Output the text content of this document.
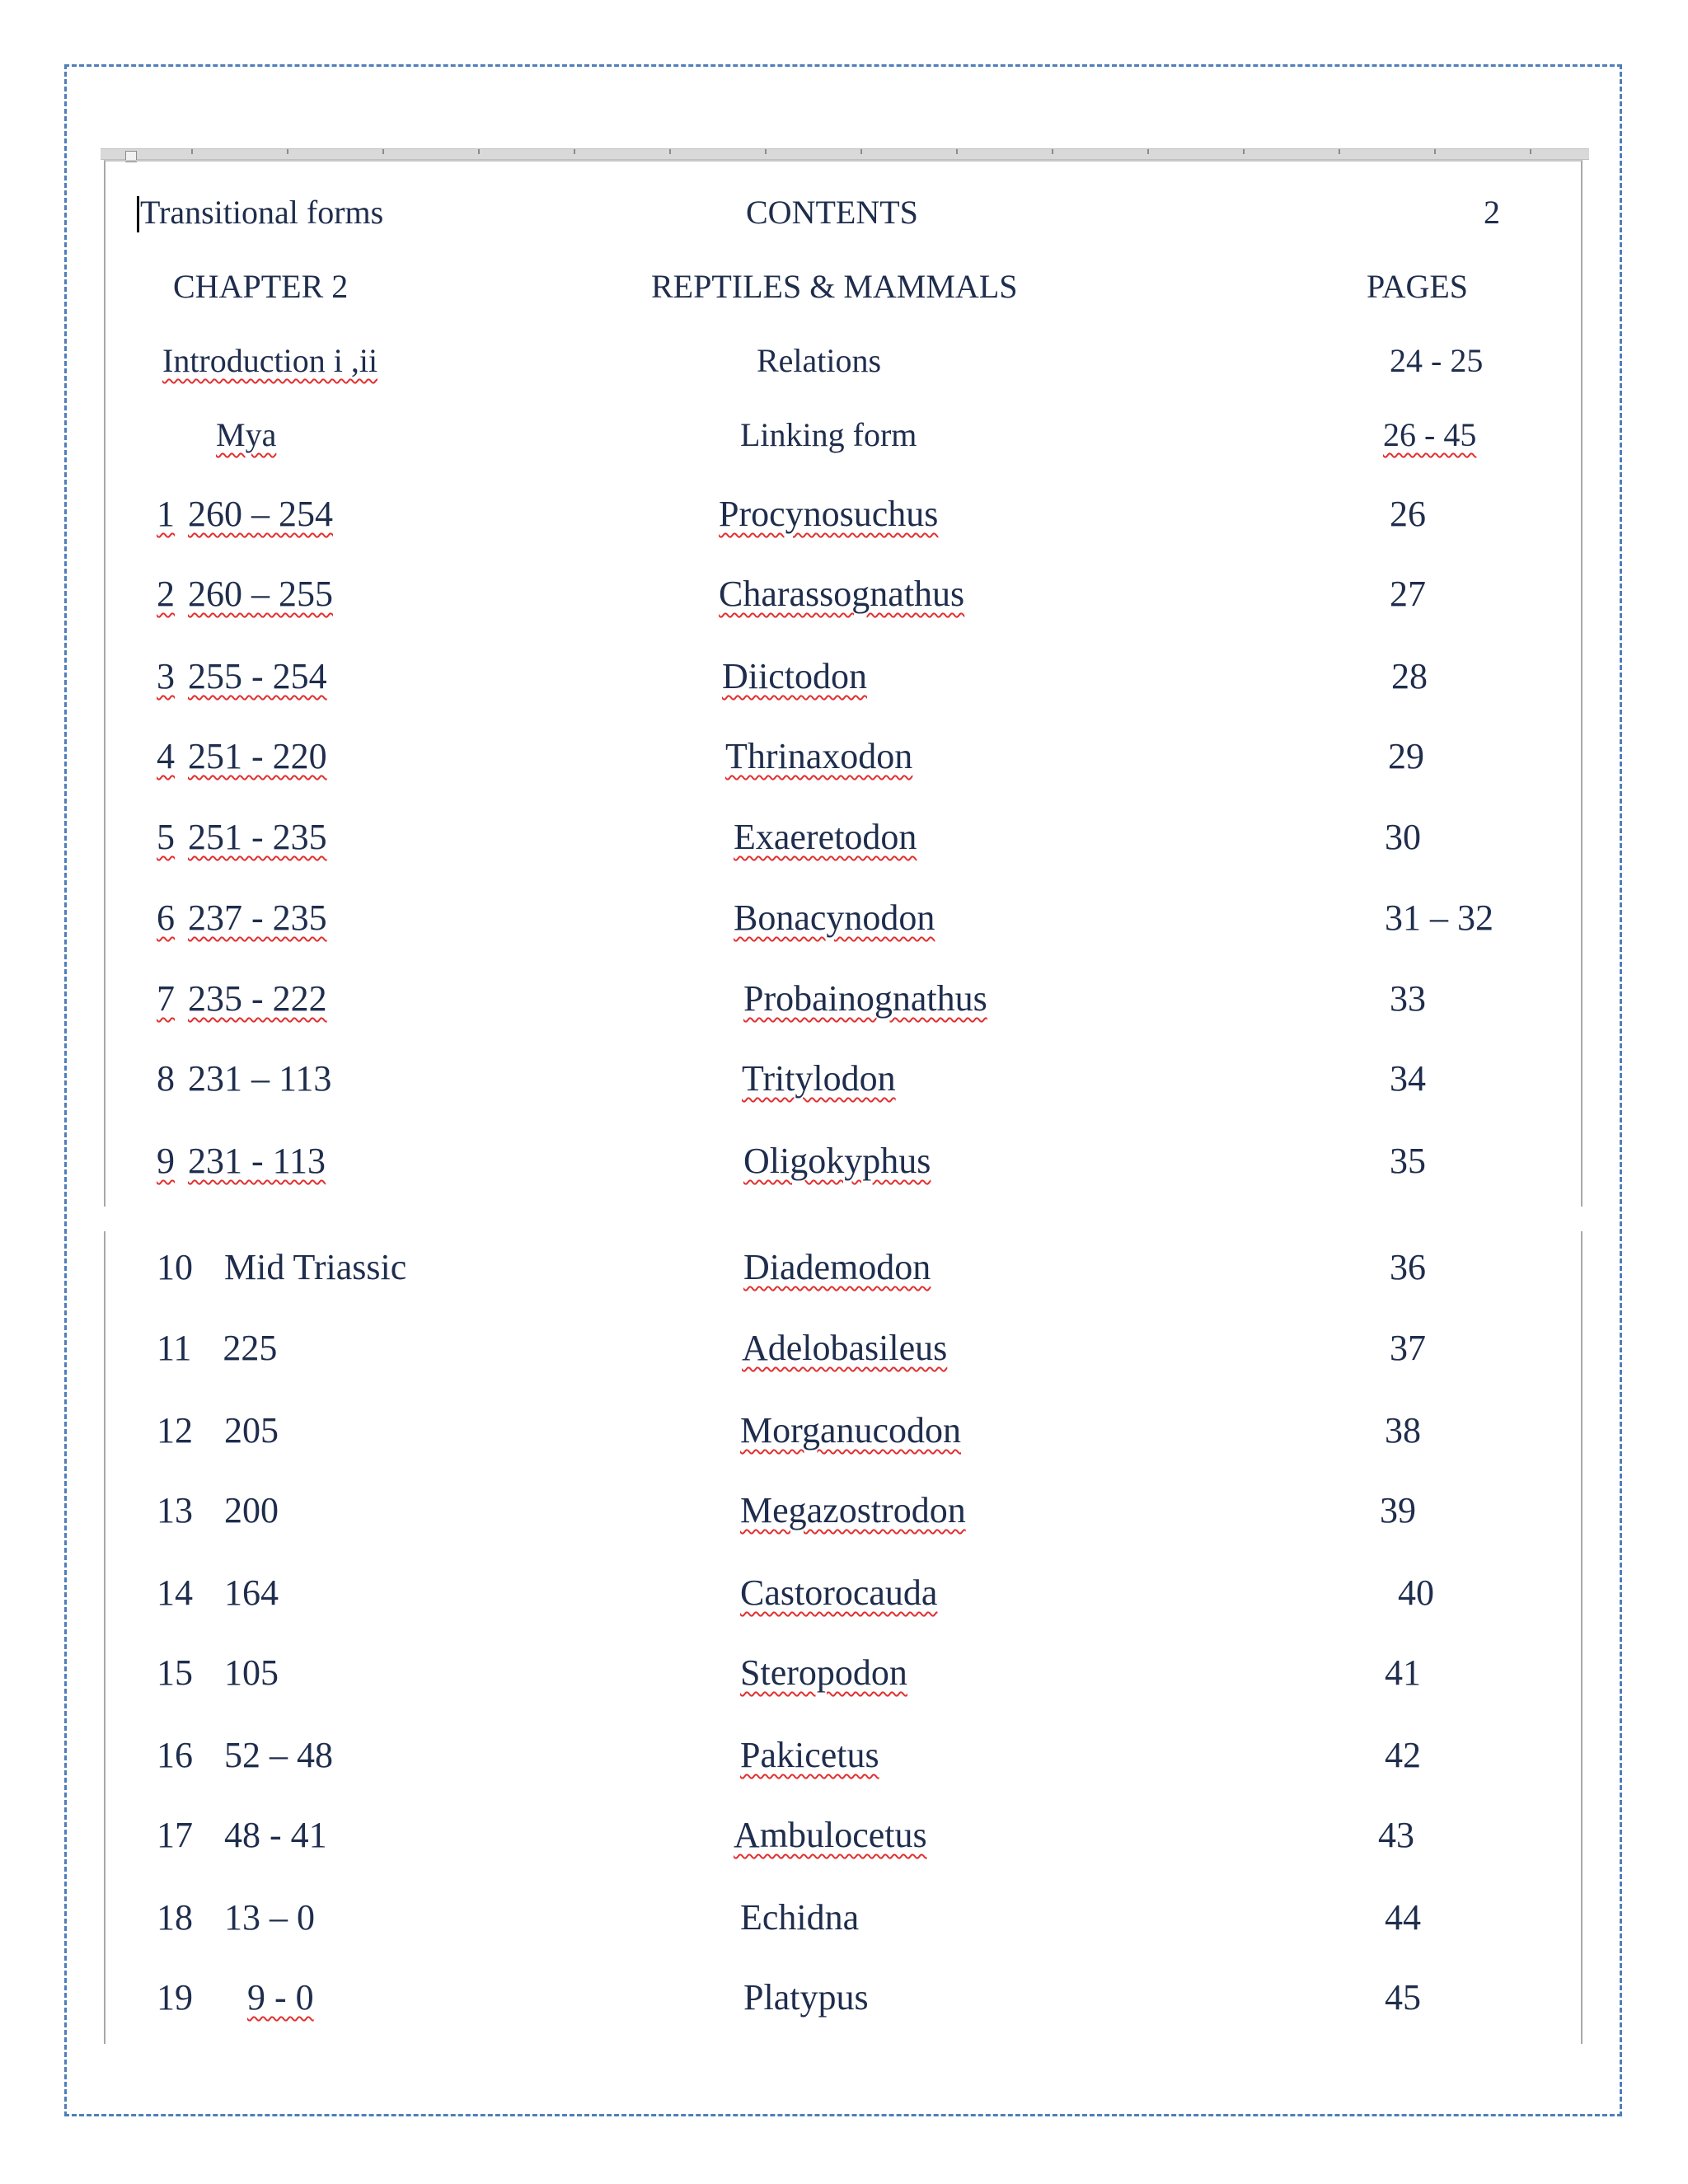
Transitional forms	CONTENTS	2
CHAPTER 2	REPTILES & MAMMALS	PAGES
Introduction i ,ii	Relations	24 - 25
Mya	Linking form	26 - 45
1 260 – 254	Procynosuchus	26
2 260 – 255	Charassognathus	27
3 255 - 254	Diictodon	28
4 251 - 220	Thrinaxodon	29
5 251 - 235	Exaeretodon	30
6 237 - 235	Bonacynodon	31 – 32
7 235 - 222	Probainognathus	33
8 231 – 113	Tritylodon	34
9 231 - 113	Oligokyphus	35
10 Mid Triassic	Diademodon	36
11 225	Adelobasileus	37
12 205	Morganucodon	38
13 200	Megazostrodon	39
14 164	Castorocauda	40
15 105	Steropodon	41
16 52 – 48	Pakicetus	42
17 48 - 41	Ambulocetus	43
18 13 – 0	Echidna	44
19 9 - 0	Platypus	45
